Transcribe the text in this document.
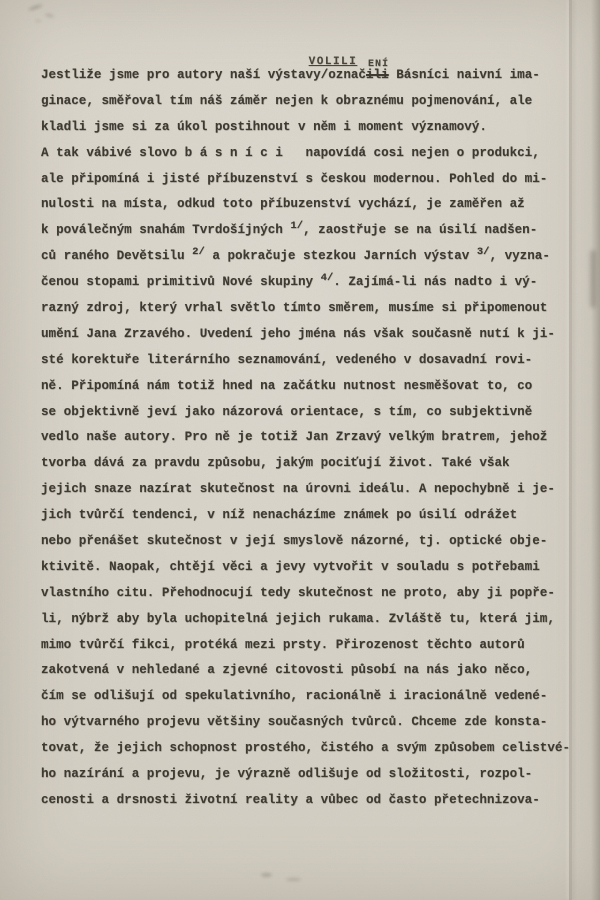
Jestliže jsme pro autory naší výstavy
VOLILI
/označ
ENÍ
ili Básníci naivní ima-
ginace, směřoval tím náš záměr nejen k obraznému pojmenování, ale
kladli jsme si za úkol postihnout v něm i moment významový.
A tak vábivé slovo b á s n í c i   napovídá cosi nejen o produkci,
ale připomíná i jisté příbuzenství s českou modernou. Pohled do mi-
nulosti na místa, odkud toto příbuzenství vychází, je zaměřen až
k poválečným snahám Tvrdošíjných $^{1/}$, zaostřuje se na úsilí nadšen-
ců raného Devětsilu $^{2/}$ a pokračuje stezkou Jarních výstav $^{3/}$, vyzna-
čenou stopami primitivů Nové skupiny $^{4/}$. Zajímá-li nás nadto i vý-
razný zdroj, který vrhal světlo tímto směrem, musíme si připomenout
umění Jana Zrzavého. Uvedení jeho jména nás však současně nutí k ji-
sté korektuře literárního seznamování, vedeného v dosavadní rovi-
ně. Připomíná nám totiž hned na začátku nutnost nesměšovat to, co
se objektivně jeví jako názorová orientace, s tím, co subjektivně
vedlo naše autory. Pro ně je totiž Jan Zrzavý velkým bratrem, jehož
tvorba dává za pravdu způsobu, jakým pociťují život. Také však
jejich snaze nazírat skutečnost na úrovni ideálu. A nepochybně i je-
jich tvůrčí tendenci, v níž nenacházíme známek po úsilí odrážet
nebo přenášet skutečnost v její smyslově názorné, tj. optické obje-
ktivitě. Naopak, chtějí věci a jevy vytvořit v souladu s potřebami
vlastního citu. Přehodnocují tedy skutečnost ne proto, aby ji popře-
li, nýbrž aby byla uchopitelná jejich rukama. Zvláště tu, která jim,
mimo tvůrčí fikci, protéká mezi prsty. Přirozenost těchto autorů
zakotvená v nehledané a zjevné citovosti působí na nás jako něco,
čím se odlišují od spekulativního, racionálně i iracionálně vedené-
ho výtvarného projevu většiny současných tvůrců. Chceme zde konsta-
tovat, že jejich schopnost prostého, čistého a svým způsobem celistvé-
ho nazírání a projevu, je výrazně odlišuje od složitosti, rozpol-
cenosti a drsnosti životní reality a vůbec od často přetechnizova-
